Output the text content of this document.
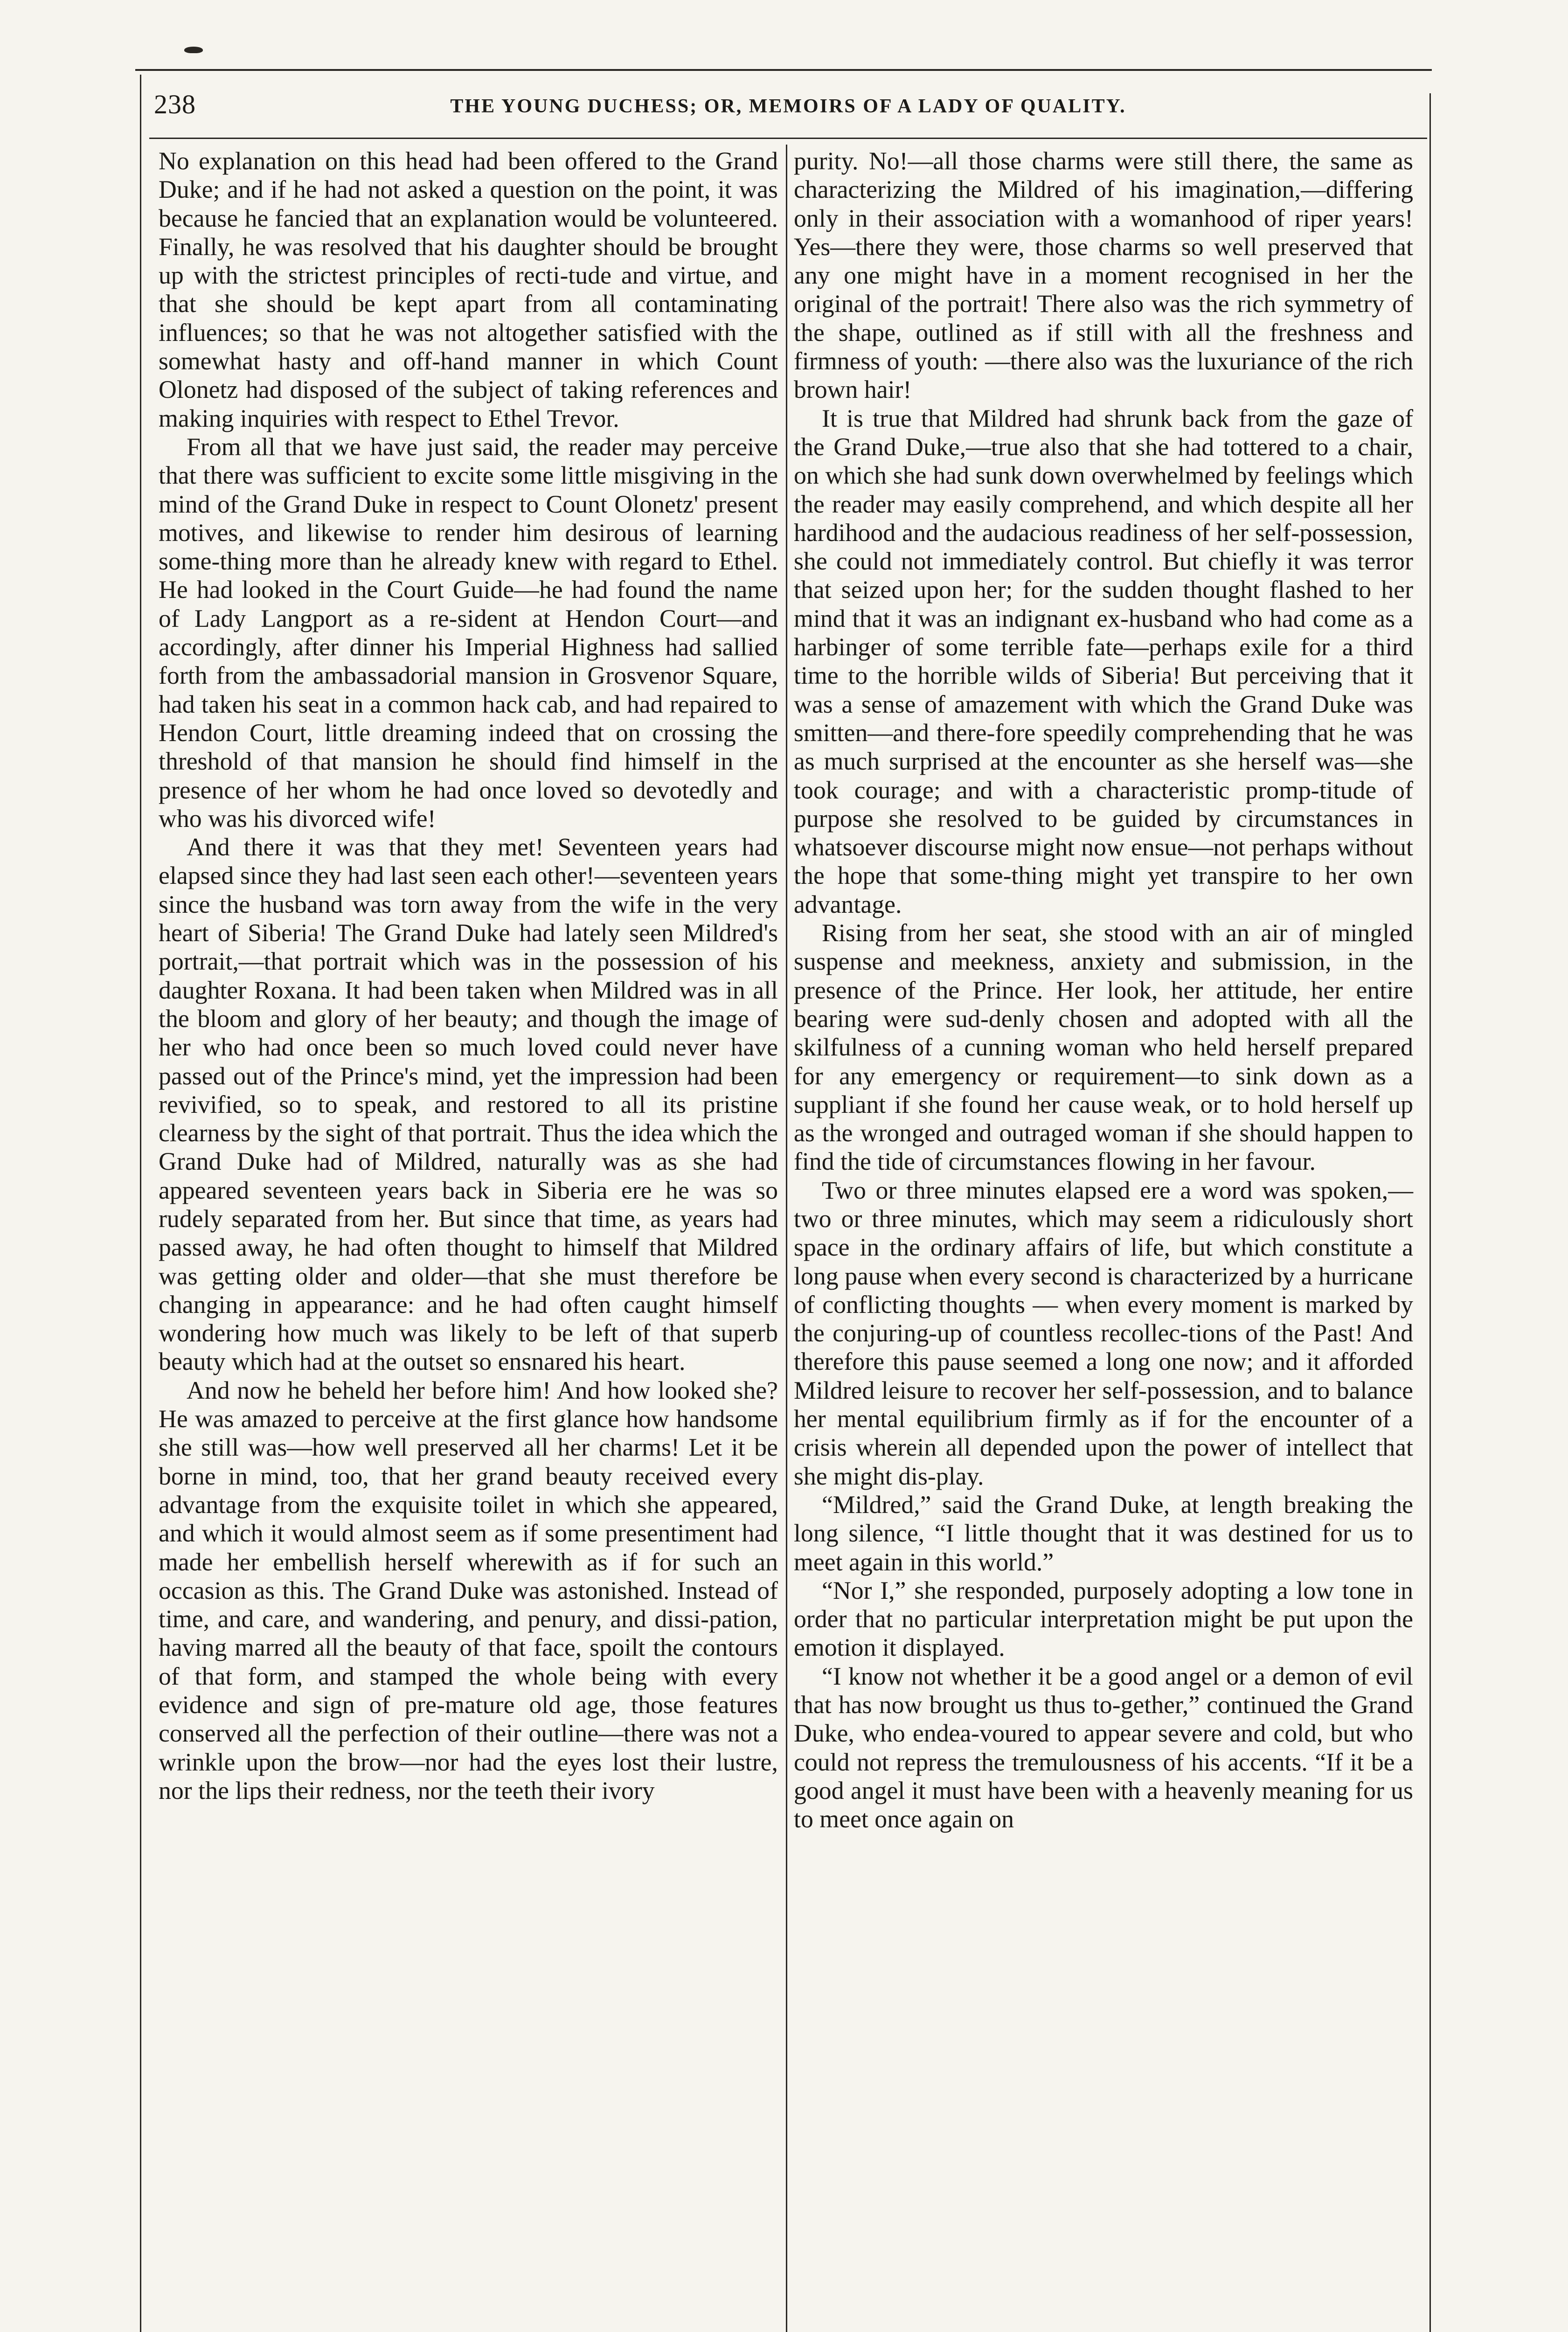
238	THE YOUNG DUCHESS; OR, MEMOIRS OF A LADY OF QUALITY.

No explanation on this head had been offered to the Grand Duke; and if he had not asked a question on the point, it was because he fancied that an explanation would be volunteered. Finally, he was resolved that his daughter should be brought up with the strictest principles of recti-tude and virtue, and that she should be kept apart from all contaminating influences; so that he was not altogether satisfied with the somewhat hasty and off-hand manner in which Count Olonetz had disposed of the subject of taking references and making inquiries with respect to Ethel Trevor.

From all that we have just said, the reader may perceive that there was sufficient to excite some little misgiving in the mind of the Grand Duke in respect to Count Olonetz' present motives, and likewise to render him desirous of learning some-thing more than he already knew with regard to Ethel. He had looked in the Court Guide—he had found the name of Lady Langport as a re-sident at Hendon Court—and accordingly, after dinner his Imperial Highness had sallied forth from the ambassadorial mansion in Grosvenor Square, had taken his seat in a common hack cab, and had repaired to Hendon Court, little dreaming indeed that on crossing the threshold of that mansion he should find himself in the presence of her whom he had once loved so devotedly and who was his divorced wife!

And there it was that they met! Seventeen years had elapsed since they had last seen each other!—seventeen years since the husband was torn away from the wife in the very heart of Siberia! The Grand Duke had lately seen Mildred's portrait,—that portrait which was in the possession of his daughter Roxana. It had been taken when Mildred was in all the bloom and glory of her beauty; and though the image of her who had once been so much loved could never have passed out of the Prince's mind, yet the impression had been revivified, so to speak, and restored to all its pristine clearness by the sight of that portrait. Thus the idea which the Grand Duke had of Mildred, naturally was as she had appeared seventeen years back in Siberia ere he was so rudely separated from her. But since that time, as years had passed away, he had often thought to himself that Mildred was getting older and older—that she must therefore be changing in appearance: and he had often caught himself wondering how much was likely to be left of that superb beauty which had at the outset so ensnared his heart.

And now he beheld her before him! And how looked she? He was amazed to perceive at the first glance how handsome she still was—how well preserved all her charms! Let it be borne in mind, too, that her grand beauty received every advantage from the exquisite toilet in which she appeared, and which it would almost seem as if some presentiment had made her embellish herself wherewith as if for such an occasion as this. The Grand Duke was astonished. Instead of time, and care, and wandering, and penury, and dissi-pation, having marred all the beauty of that face, spoilt the contours of that form, and stamped the whole being with every evidence and sign of pre-mature old age, those features conserved all the perfection of their outline—there was not a wrinkle upon the brow—nor had the eyes lost their lustre, nor the lips their redness, nor the teeth their ivory

purity. No!—all those charms were still there, the same as characterizing the Mildred of his imagination,—differing only in their association with a womanhood of riper years! Yes—there they were, those charms so well preserved that any one might have in a moment recognised in her the original of the portrait! There also was the rich symmetry of the shape, outlined as if still with all the freshness and firmness of youth: —there also was the luxuriance of the rich brown hair!

It is true that Mildred had shrunk back from the gaze of the Grand Duke,—true also that she had tottered to a chair, on which she had sunk down overwhelmed by feelings which the reader may easily comprehend, and which despite all her hardihood and the audacious readiness of her self-possession, she could not immediately control. But chiefly it was terror that seized upon her; for the sudden thought flashed to her mind that it was an indignant ex-husband who had come as a harbinger of some terrible fate—perhaps exile for a third time to the horrible wilds of Siberia! But perceiving that it was a sense of amazement with which the Grand Duke was smitten—and there-fore speedily comprehending that he was as much surprised at the encounter as she herself was—she took courage; and with a characteristic promp-titude of purpose she resolved to be guided by circumstances in whatsoever discourse might now ensue—not perhaps without the hope that some-thing might yet transpire to her own advantage.

Rising from her seat, she stood with an air of mingled suspense and meekness, anxiety and submission, in the presence of the Prince. Her look, her attitude, her entire bearing were sud-denly chosen and adopted with all the skilfulness of a cunning woman who held herself prepared for any emergency or requirement—to sink down as a suppliant if she found her cause weak, or to hold herself up as the wronged and outraged woman if she should happen to find the tide of circumstances flowing in her favour.

Two or three minutes elapsed ere a word was spoken,—two or three minutes, which may seem a ridiculously short space in the ordinary affairs of life, but which constitute a long pause when every second is characterized by a hurricane of conflicting thoughts — when every moment is marked by the conjuring-up of countless recollec-tions of the Past! And therefore this pause seemed a long one now; and it afforded Mildred leisure to recover her self-possession, and to balance her mental equilibrium firmly as if for the encounter of a crisis wherein all depended upon the power of intellect that she might dis-play.

“Mildred,” said the Grand Duke, at length breaking the long silence, “I little thought that it was destined for us to meet again in this world.”

“Nor I,” she responded, purposely adopting a low tone in order that no particular interpretation might be put upon the emotion it displayed.

“I know not whether it be a good angel or a demon of evil that has now brought us thus to-gether,” continued the Grand Duke, who endea-voured to appear severe and cold, but who could not repress the tremulousness of his accents. “If it be a good angel it must have been with a heavenly meaning for us to meet once again on
